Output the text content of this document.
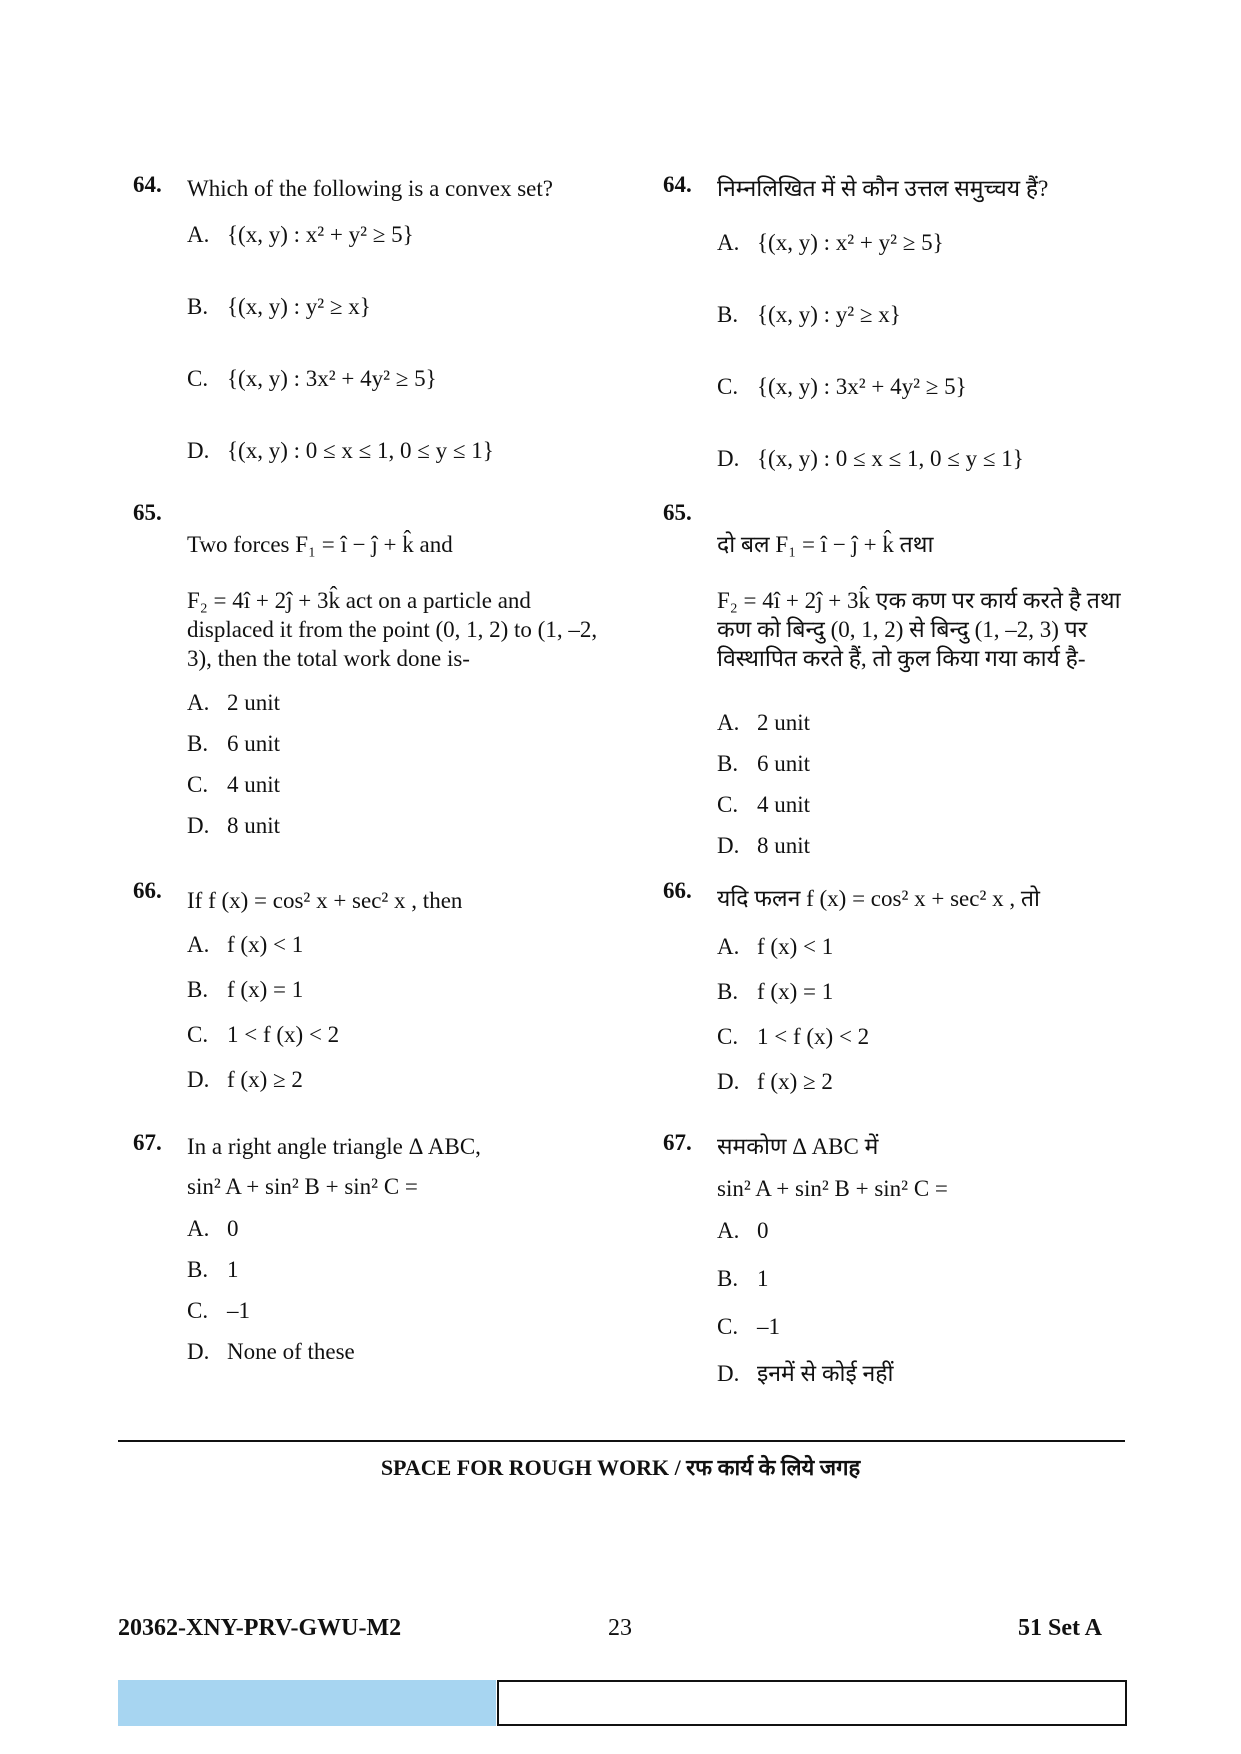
64. Which of the following is a convex set?
A. {(x, y) : x² + y² ≥ 5}
B. {(x, y) : y² ≥ x}
C. {(x, y) : 3x² + 4y² ≥ 5}
D. {(x, y) : 0 ≤ x ≤ 1, 0 ≤ y ≤ 1}
65.
Two forces F₁ = î − ĵ + k̂ and
F₂ = 4î + 2ĵ + 3k̂ act on a particle and displaced it from the point (0, 1, 2) to (1, –2, 3), then the total work done is-
A. 2 unit
B. 6 unit
C. 4 unit
D. 8 unit
66. If f (x) = cos² x + sec² x , then
A. f (x) < 1
B. f (x) = 1
C. 1 < f (x) < 2
D. f (x) ≥ 2
67. In a right angle triangle Δ ABC,
sin² A + sin² B + sin² C =
A. 0
B. 1
C. –1
D. None of these
64. निम्नलिखित में से कौन उत्तल समुच्चय हैं?
A. {(x, y) : x² + y² ≥ 5}
B. {(x, y) : y² ≥ x}
C. {(x, y) : 3x² + 4y² ≥ 5}
D. {(x, y) : 0 ≤ x ≤ 1, 0 ≤ y ≤ 1}
65.
दो बल F₁ = î − ĵ + k̂ तथा
F₂ = 4î + 2ĵ + 3k̂ एक कण पर कार्य करते है तथा कण को बिन्दु (0, 1, 2) से बिन्दु (1, –2, 3) पर विस्थापित करते हैं, तो कुल किया गया कार्य है-
A. 2 unit
B. 6 unit
C. 4 unit
D. 8 unit
66. यदि फलन f (x) = cos² x + sec² x , तो
A. f (x) < 1
B. f (x) = 1
C. 1 < f (x) < 2
D. f (x) ≥ 2
67. समकोण Δ ABC में
sin² A + sin² B + sin² C =
A. 0
B. 1
C. –1
D. इनमें से कोई नहीं
SPACE FOR ROUGH WORK / रफ कार्य के लिये जगह
20362-XNY-PRV-GWU-M2	23	51 Set A
